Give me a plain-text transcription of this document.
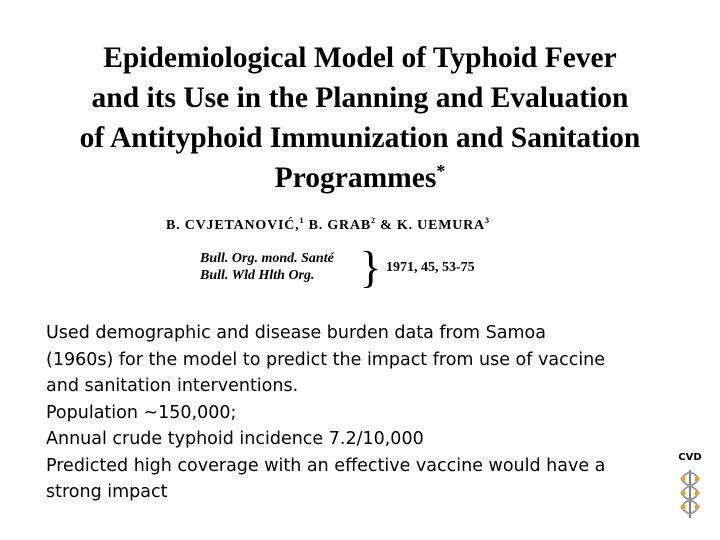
Epidemiological Model of Typhoid Fever
and its Use in the Planning and Evaluation
of Antityphoid Immunization and Sanitation
Programmes*
B. CVJETANOVIĆ,$^1$ B. GRAB$^2$ & K. UEMURA$^3$
Bull. Org. mond. Santé
Bull. Wld Hlth Org.	} 1971, 45, 53-75
Used demographic and disease burden data from Samoa
(1960s) for the model to predict the impact from use of vaccine
and sanitation interventions.
Population ~150,000;
Annual crude typhoid incidence 7.2/10,000
Predicted high coverage with an effective vaccine would have a
strong impact
CVD
